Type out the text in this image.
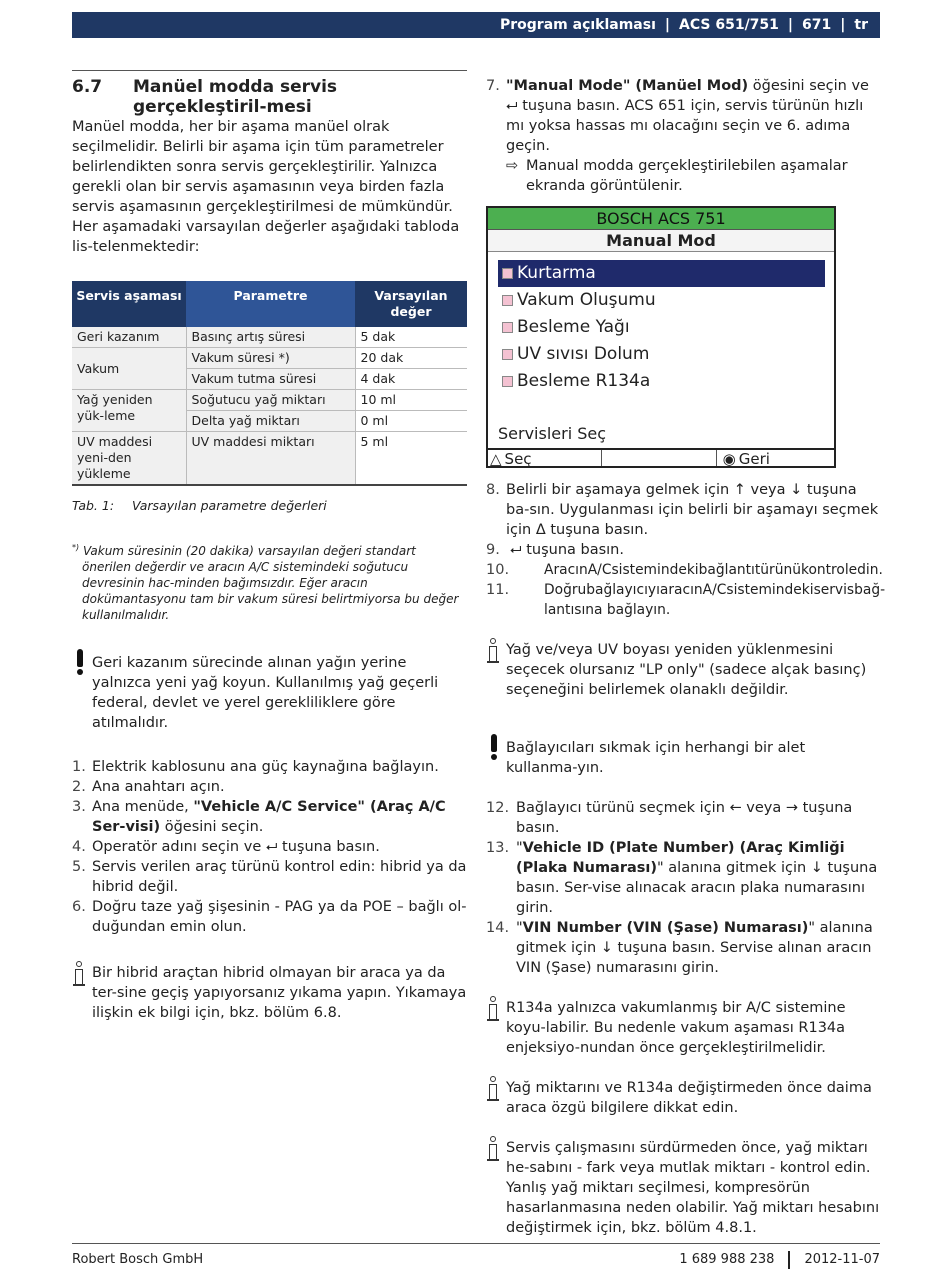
Program açıklaması | ACS 651/751 | 671 | tr
6.7	Manüel modda servis gerçekleştiril-mesi

Manüel modda, her bir aşama manüel olrak seçilmelidir. Belirli bir aşama için tüm parametreler belirlendikten sonra servis gerçekleştirilir. Yalnızca gerekli olan bir servis aşamasının veya birden fazla servis aşamasının gerçekleştirilmesi de mümkündür.

Her aşamadaki varsayılan değerler aşağıdaki tabloda lis-telenmektedir:

Servis aşaması	Parametre	Varsayılan değer
Geri kazanım	Basınç artış süresi	5 dak
Vakum	Vakum süresi *)	20 dak
	Vakum tutma süresi	4 dak
Yağ yeniden yük-leme	Soğutucu yağ miktarı	10 ml
	Delta yağ miktarı	0 ml
UV maddesi yeni-den yükleme	UV maddesi miktarı	5 ml
Tab. 1:	Varsayılan parametre değerleri
*) Vakum süresinin (20 dakika) varsayılan değeri standart önerilen değerdir ve aracın A/C sistemindeki soğutucu devresinin hac-minden bağımsızdır. Eğer aracın dokümantasyonu tam bir vakum süresi belirtmiyorsa bu değer kullanılmalıdır.

Geri kazanım sürecinde alınan yağın yerine yalnızca yeni yağ koyun. Kullanılmış yağ geçerli federal, devlet ve yerel gerekliliklere göre atılmalıdır.

1. Elektrik kablosunu ana güç kaynağına bağlayın.
2. Ana anahtarı açın.
3. Ana menüde, "Vehicle A/C Service" (Araç A/C Ser-visi) öğesini seçin.
4. Operatör adını seçin ve ⮠ tuşuna basın.
5. Servis verilen araç türünü kontrol edin: hibrid ya da hibrid değil.
6. Doğru taze yağ şişesinin - PAG ya da POE – bağlı ol-duğundan emin olun.

Bir hibrid araçtan hibrid olmayan bir araca ya da ter-sine geçiş yapıyorsanız yıkama yapın. Yıkamaya ilişkin ek bilgi için, bkz. bölüm 6.8.

7. "Manual Mode" (Manüel Mod) öğesini seçin ve ⮠ tuşuna basın. ACS 651 için, servis türünün hızlı mı yoksa hassas mı olacağını seçin ve 6. adıma geçin.
⇨ Manual modda gerçekleştirilebilen aşamalar ekranda görüntülenir.
BOSCH ACS 751
Manual Mod
Kurtarma
Vakum Oluşumu
Besleme Yağı
UV sıvısı Dolum
Besleme R134a
Servisleri Seç
△ Seç	◉ Geri
8. Belirli bir aşamaya gelmek için ↑ veya ↓ tuşuna ba-sın. Uygulanması için belirli bir aşamayı seçmek için Δ tuşuna basın.
9. ⮠ tuşuna basın.
10.	AracınA/Csistemindekibağlantıtürünükontroledin.
11.	DoğrubağlayıcıyıaracınA/Csistemindekiservisbağ-lantısına bağlayın.

Yağ ve/veya UV boyası yeniden yüklenmesini seçecek olursanız "LP only" (sadece alçak basınç) seçeneğini belirlemek olanaklı değildir.

Bağlayıcıları sıkmak için herhangi bir alet kullanma-yın.

12. Bağlayıcı türünü seçmek için ← veya → tuşuna basın.
13. "Vehicle ID (Plate Number) (Araç Kimliği (Plaka Numarası)" alanına gitmek için ↓ tuşuna basın. Ser-vise alınacak aracın plaka numarasını girin.
14. "VIN Number (VIN (Şase) Numarası)" alanına gitmek için ↓ tuşuna basın. Servise alınan aracın VIN (Şase) numarasını girin.

R134a yalnızca vakumlanmış bir A/C sistemine koyu-labilir. Bu nedenle vakum aşaması R134a enjeksiyo-nundan önce gerçekleştirilmelidir.

Yağ miktarını ve R134a değiştirmeden önce daima araca özgü bilgilere dikkat edin.

Servis çalışmasını sürdürmeden önce, yağ miktarı he-sabını - fark veya mutlak miktarı - kontrol edin. Yanlış yağ miktarı seçilmesi, kompresörün hasarlanmasına neden olabilir. Yağ miktarı hesabını değiştirmek için, bkz. bölüm 4.8.1.

Robert Bosch GmbH	1 689 988 238 2012-11-07
